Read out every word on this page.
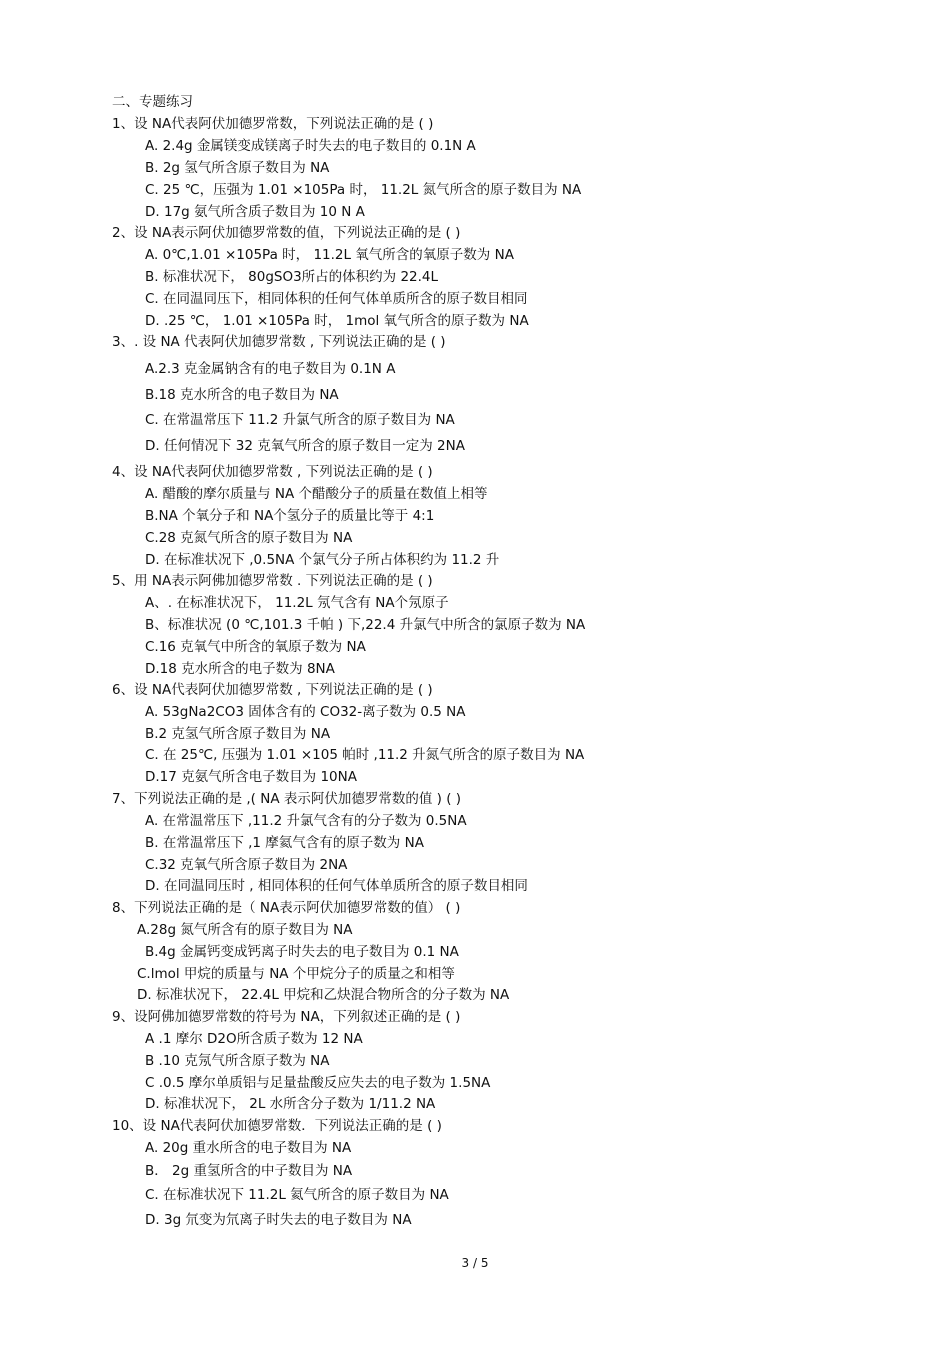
二、专题练习
1、设 NA代表阿伏加德罗常数，下列说法正确的是 ( )
A. 2.4g 金属镁变成镁离子时失去的电子数目的 0.1N A
B. 2g 氢气所含原子数目为 NA
C. 25 ℃，压强为 1.01 ×105Pa 时， 11.2L 氮气所含的原子数目为 NA
D. 17g 氨气所含质子数目为 10 N A
2、设 NA表示阿伏加德罗常数的值，下列说法正确的是 ( )
A. 0℃,1.01 ×105Pa 时， 11.2L 氧气所含的氧原子数为 NA
B. 标准状况下， 80gSO3所占的体积约为 22.4L
C. 在同温同压下，相同体积的任何气体单质所含的原子数目相同
D. .25 ℃， 1.01 ×105Pa 时， 1mol 氧气所含的原子数为 NA
3、. 设 NA 代表阿伏加德罗常数 , 下列说法正确的是 ( )
A.2.3 克金属钠含有的电子数目为 0.1N A
B.18 克水所含的电子数目为 NA
C. 在常温常压下 11.2 升氯气所含的原子数目为 NA
D. 任何情况下 32 克氧气所含的原子数目一定为 2NA
4、设 NA代表阿伏加德罗常数 , 下列说法正确的是 ( )
A. 醋酸的摩尔质量与 NA 个醋酸分子的质量在数值上相等
B.NA 个氧分子和 NA个氢分子的质量比等于 4:1
C.28 克氮气所含的原子数目为 NA
D. 在标准状况下 ,0.5NA 个氯气分子所占体积约为 11.2 升
5、用 NA表示阿佛加德罗常数 . 下列说法正确的是 ( )
A、. 在标准状况下， 11.2L 氖气含有 NA个氖原子
B、标准状况 (0 ℃,101.3 千帕 ) 下,22.4 升氯气中所含的氯原子数为 NA
C.16 克氧气中所含的氧原子数为 NA
D.18 克水所含的电子数为 8NA
6、设 NA代表阿伏加德罗常数 , 下列说法正确的是 ( )
A. 53gNa2CO3 固体含有的 CO32-离子数为 0.5 NA
B.2 克氢气所含原子数目为 NA
C. 在 25℃, 压强为 1.01 ×105 帕时 ,11.2 升氮气所含的原子数目为 NA
D.17 克氨气所含电子数目为 10NA
7、下列说法正确的是 ,( NA 表示阿伏加德罗常数的值 ) ( )
A. 在常温常压下 ,11.2 升氯气含有的分子数为 0.5NA
B. 在常温常压下 ,1 摩氦气含有的原子数为 NA
C.32 克氧气所含原子数目为 2NA
D. 在同温同压时 , 相同体积的任何气体单质所含的原子数目相同
8、下列说法正确的是（ NA表示阿伏加德罗常数的值） ( )
A.28g 氮气所含有的原子数目为 NA
B.4g 金属钙变成钙离子时失去的电子数目为 0.1 NA
C.lmol 甲烷的质量与 NA 个甲烷分子的质量之和相等
D. 标准状况下， 22.4L 甲烷和乙炔混合物所含的分子数为 NA
9、设阿佛加德罗常数的符号为 NA，下列叙述正确的是 ( )
A .1 摩尔 D2O所含质子数为 12 NA
B .10 克氖气所含原子数为 NA
C .0.5 摩尔单质铝与足量盐酸反应失去的电子数为 1.5NA
D. 标准状况下， 2L 水所含分子数为 1/11.2 NA
10、设 NA代表阿伏加德罗常数．下列说法正确的是 ( )
A. 20g 重水所含的电子数目为 NA
B． 2g 重氢所含的中子数目为 NA
C. 在标准状况下 11.2L 氦气所含的原子数目为 NA
D. 3g 氘变为氘离子时失去的电子数目为 NA
3 / 5
